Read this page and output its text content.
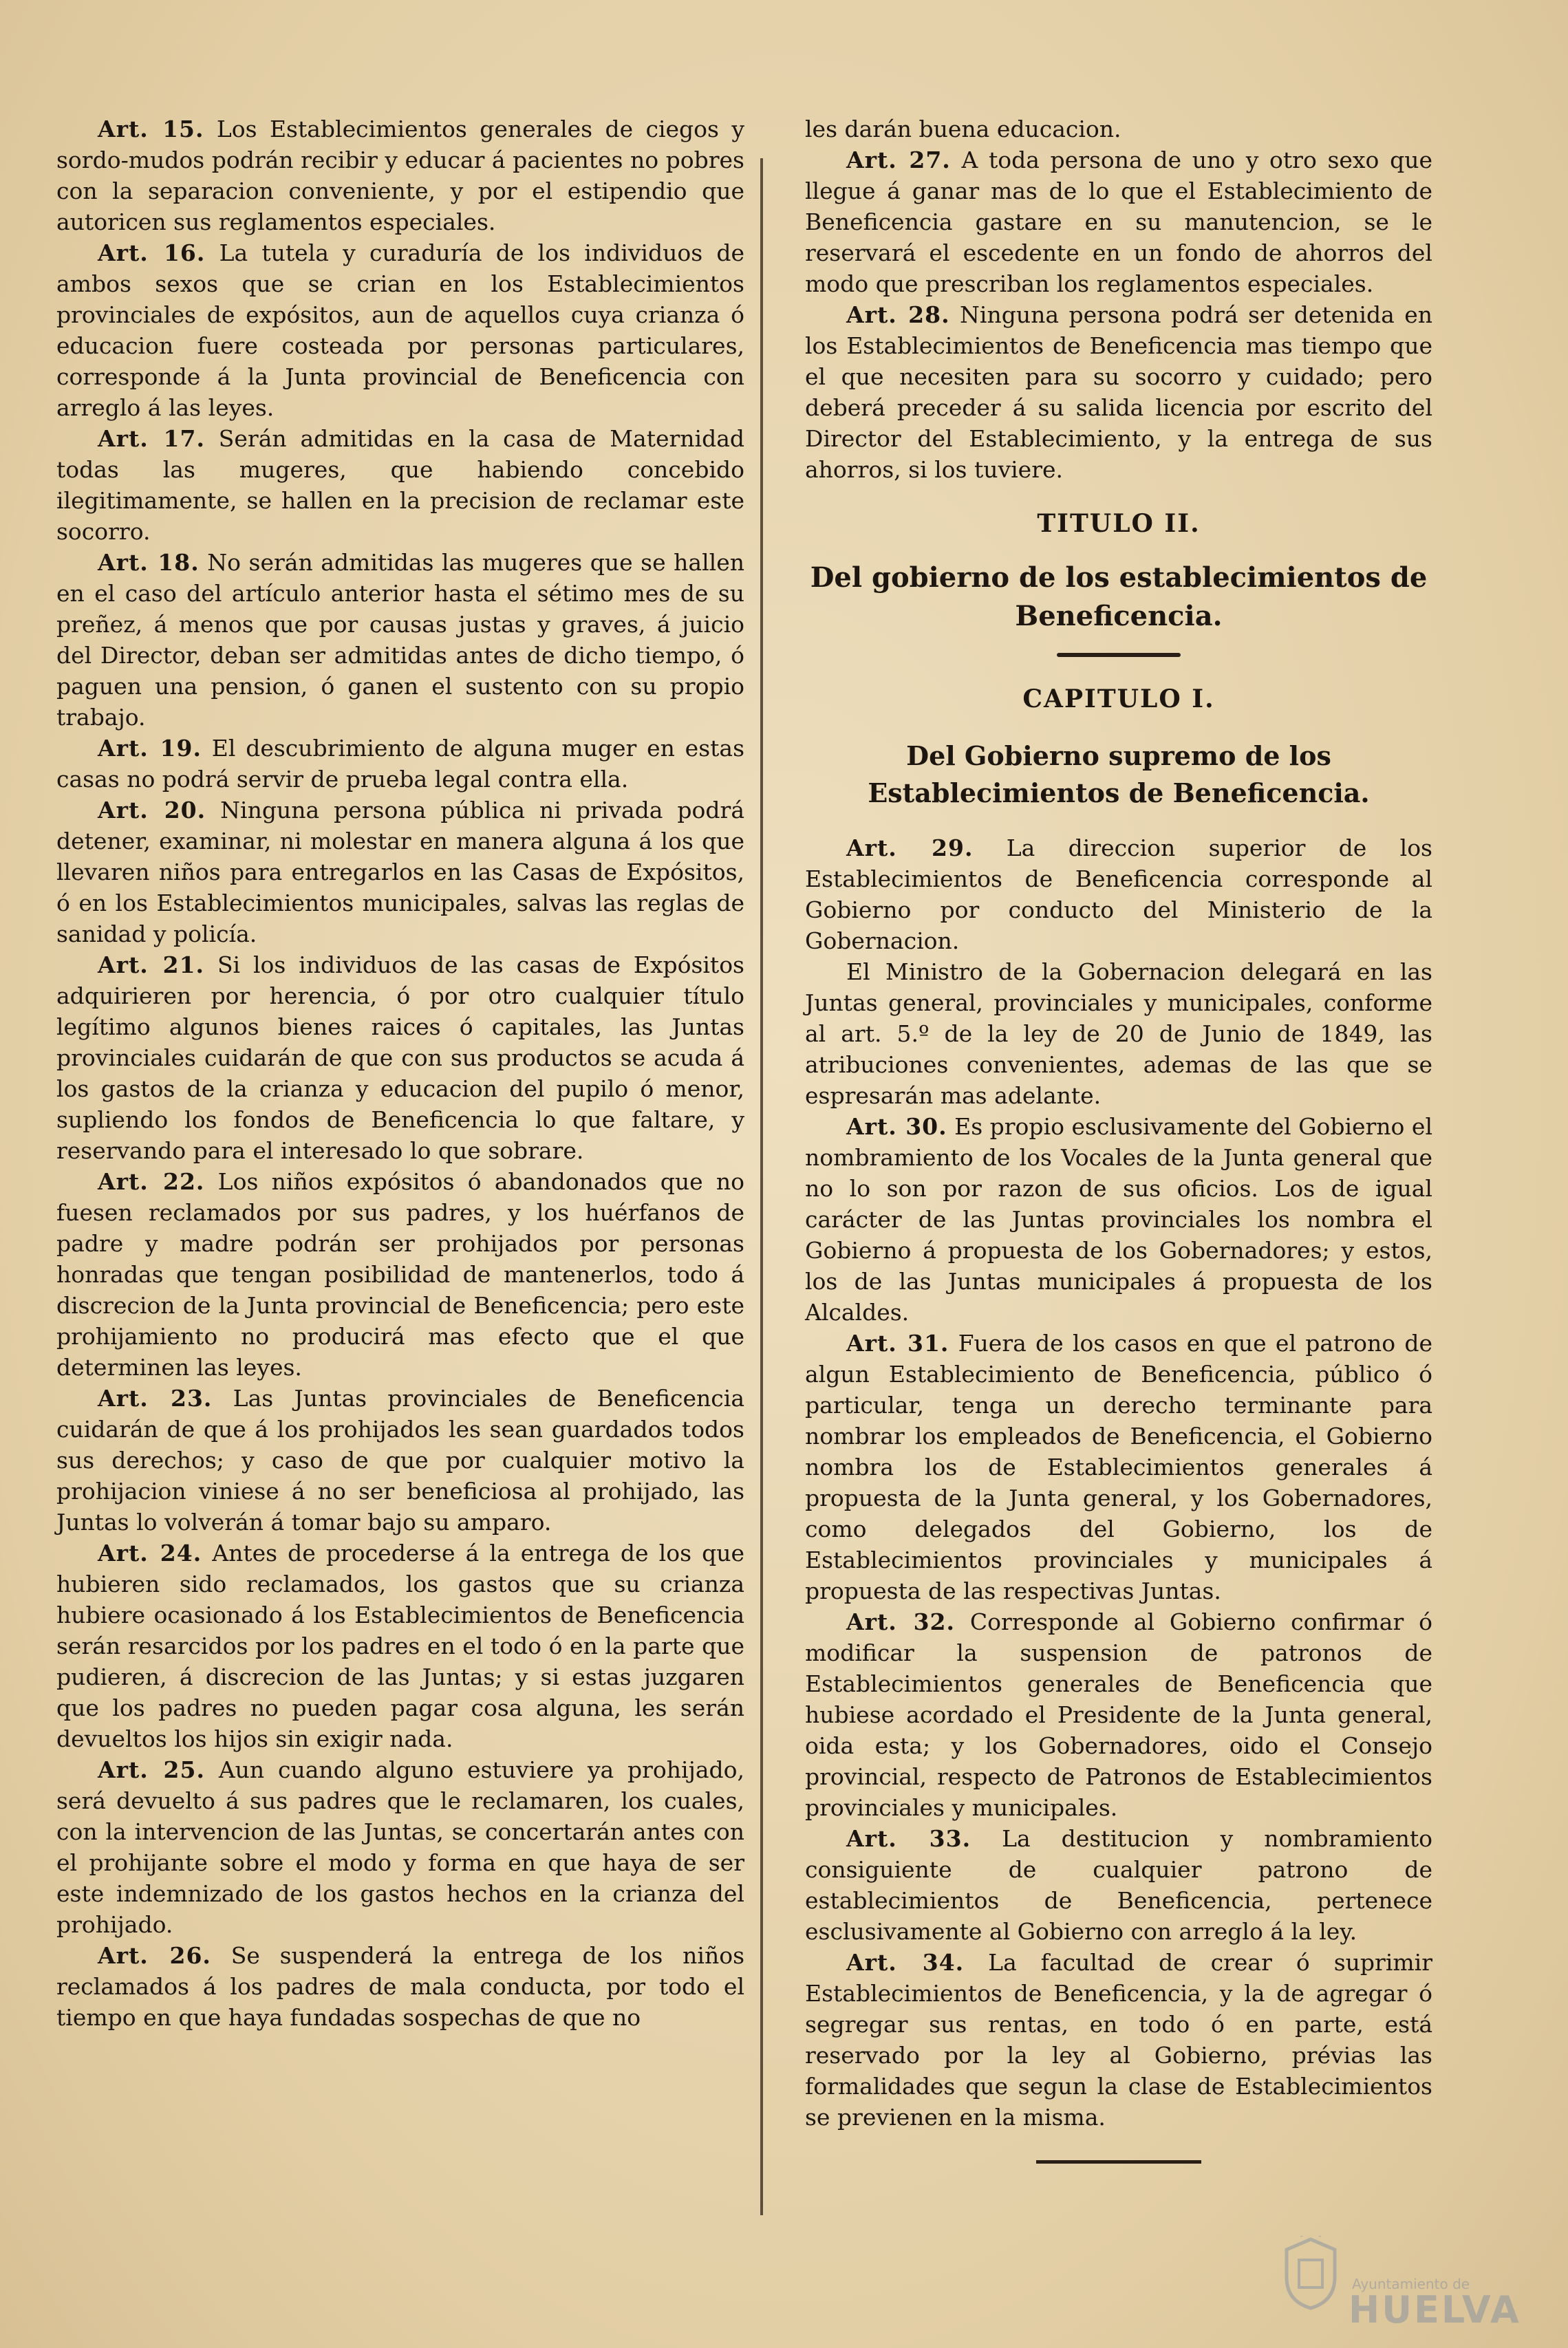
Art. 15. Los Establecimientos generales de ciegos y sordo-mudos podrán recibir y educar á pacientes no pobres con la separacion conveniente, y por el estipendio que autoricen sus reglamentos especiales.

Art. 16. La tutela y curaduría de los individuos de ambos sexos que se crian en los Establecimientos provinciales de expósitos, aun de aquellos cuya crianza ó educacion fuere costeada por personas particulares, corresponde á la Junta provincial de Beneficencia con arreglo á las leyes.

Art. 17. Serán admitidas en la casa de Maternidad todas las mugeres, que habiendo concebido ilegitimamente, se hallen en la precision de reclamar este socorro.

Art. 18. No serán admitidas las mugeres que se hallen en el caso del artículo anterior hasta el sétimo mes de su preñez, á menos que por causas justas y graves, á juicio del Director, deban ser admitidas antes de dicho tiempo, ó paguen una pension, ó ganen el sustento con su propio trabajo.

Art. 19. El descubrimiento de alguna muger en estas casas no podrá servir de prueba legal contra ella.

Art. 20. Ninguna persona pública ni privada podrá detener, examinar, ni molestar en manera alguna á los que llevaren niños para entregarlos en las Casas de Expósitos, ó en los Establecimientos municipales, salvas las reglas de sanidad y policía.

Art. 21. Si los individuos de las casas de Expósitos adquirieren por herencia, ó por otro cualquier título legítimo algunos bienes raices ó capitales, las Juntas provinciales cuidarán de que con sus productos se acuda á los gastos de la crianza y educacion del pupilo ó menor, supliendo los fondos de Beneficencia lo que faltare, y reservando para el interesado lo que sobrare.

Art. 22. Los niños expósitos ó abandonados que no fuesen reclamados por sus padres, y los huérfanos de padre y madre podrán ser prohijados por personas honradas que tengan posibilidad de mantenerlos, todo á discrecion de la Junta provincial de Beneficencia; pero este prohijamiento no producirá mas efecto que el que determinen las leyes.

Art. 23. Las Juntas provinciales de Beneficencia cuidarán de que á los prohijados les sean guardados todos sus derechos; y caso de que por cualquier motivo la prohijacion viniese á no ser beneficiosa al prohijado, las Juntas lo volverán á tomar bajo su amparo.

Art. 24. Antes de procederse á la entrega de los que hubieren sido reclamados, los gastos que su crianza hubiere ocasionado á los Establecimientos de Beneficencia serán resarcidos por los padres en el todo ó en la parte que pudieren, á discrecion de las Juntas; y si estas juzgaren que los padres no pueden pagar cosa alguna, les serán devueltos los hijos sin exigir nada.

Art. 25. Aun cuando alguno estuviere ya prohijado, será devuelto á sus padres que le reclamaren, los cuales, con la intervencion de las Juntas, se concertarán antes con el prohijante sobre el modo y forma en que haya de ser este indemnizado de los gastos hechos en la crianza del prohijado.

Art. 26. Se suspenderá la entrega de los niños reclamados á los padres de mala conducta, por todo el tiempo en que haya fundadas sospechas de que no

les darán buena educacion.

Art. 27. A toda persona de uno y otro sexo que llegue á ganar mas de lo que el Establecimiento de Beneficencia gastare en su manutencion, se le reservará el escedente en un fondo de ahorros del modo que prescriban los reglamentos especiales.

Art. 28. Ninguna persona podrá ser detenida en los Establecimientos de Beneficencia mas tiempo que el que necesiten para su socorro y cuidado; pero deberá preceder á su salida licencia por escrito del Director del Establecimiento, y la entrega de sus ahorros, si los tuviere.

TITULO II.

Del gobierno de los establecimientos de Beneficencia.

CAPITULO I.

Del Gobierno supremo de los Establecimientos de Beneficencia.

Art. 29. La direccion superior de los Establecimientos de Beneficencia corresponde al Gobierno por conducto del Ministerio de la Gobernacion.

El Ministro de la Gobernacion delegará en las Juntas general, provinciales y municipales, conforme al art. 5.º de la ley de 20 de Junio de 1849, las atribuciones convenientes, ademas de las que se espresarán mas adelante.

Art. 30. Es propio esclusivamente del Gobierno el nombramiento de los Vocales de la Junta general que no lo son por razon de sus oficios. Los de igual carácter de las Juntas provinciales los nombra el Gobierno á propuesta de los Gobernadores; y estos, los de las Juntas municipales á propuesta de los Alcaldes.

Art. 31. Fuera de los casos en que el patrono de algun Establecimiento de Beneficencia, público ó particular, tenga un derecho terminante para nombrar los empleados de Beneficencia, el Gobierno nombra los de Establecimientos generales á propuesta de la Junta general, y los Gobernadores, como delegados del Gobierno, los de Establecimientos provinciales y municipales á propuesta de las respectivas Juntas.

Art. 32. Corresponde al Gobierno confirmar ó modificar la suspension de patronos de Establecimientos generales de Beneficencia que hubiese acordado el Presidente de la Junta general, oida esta; y los Gobernadores, oido el Consejo provincial, respecto de Patronos de Establecimientos provinciales y municipales.

Art. 33. La destitucion y nombramiento consiguiente de cualquier patrono de establecimientos de Beneficencia, pertenece esclusivamente al Gobierno con arreglo á la ley.

Art. 34. La facultad de crear ó suprimir Establecimientos de Beneficencia, y la de agregar ó segregar sus rentas, en todo ó en parte, está reservado por la ley al Gobierno, prévias las formalidades que segun la clase de Establecimientos se previenen en la misma.

Ayuntamiento de
HUELVA
